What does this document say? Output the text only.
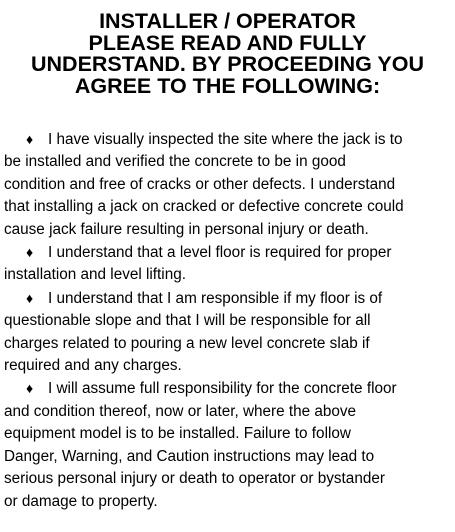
INSTALLER / OPERATOR
PLEASE READ AND FULLY
UNDERSTAND. BY PROCEEDING YOU
AGREE TO THE FOLLOWING:
♦ I have visually inspected the site where the jack is to
be installed and verified the concrete to be in good
condition and free of cracks or other defects. I understand
that installing a jack on cracked or defective concrete could
cause jack failure resulting in personal injury or death.
♦ I understand that a level floor is required for proper
installation and level lifting.
♦ I understand that I am responsible if my floor is of
questionable slope and that I will be responsible for all
charges related to pouring a new level concrete slab if
required and any charges.
♦ I will assume full responsibility for the concrete floor
and condition thereof, now or later, where the above
equipment model is to be installed. Failure to follow
Danger, Warning, and Caution instructions may lead to
serious personal injury or death to operator or bystander
or damage to property.
